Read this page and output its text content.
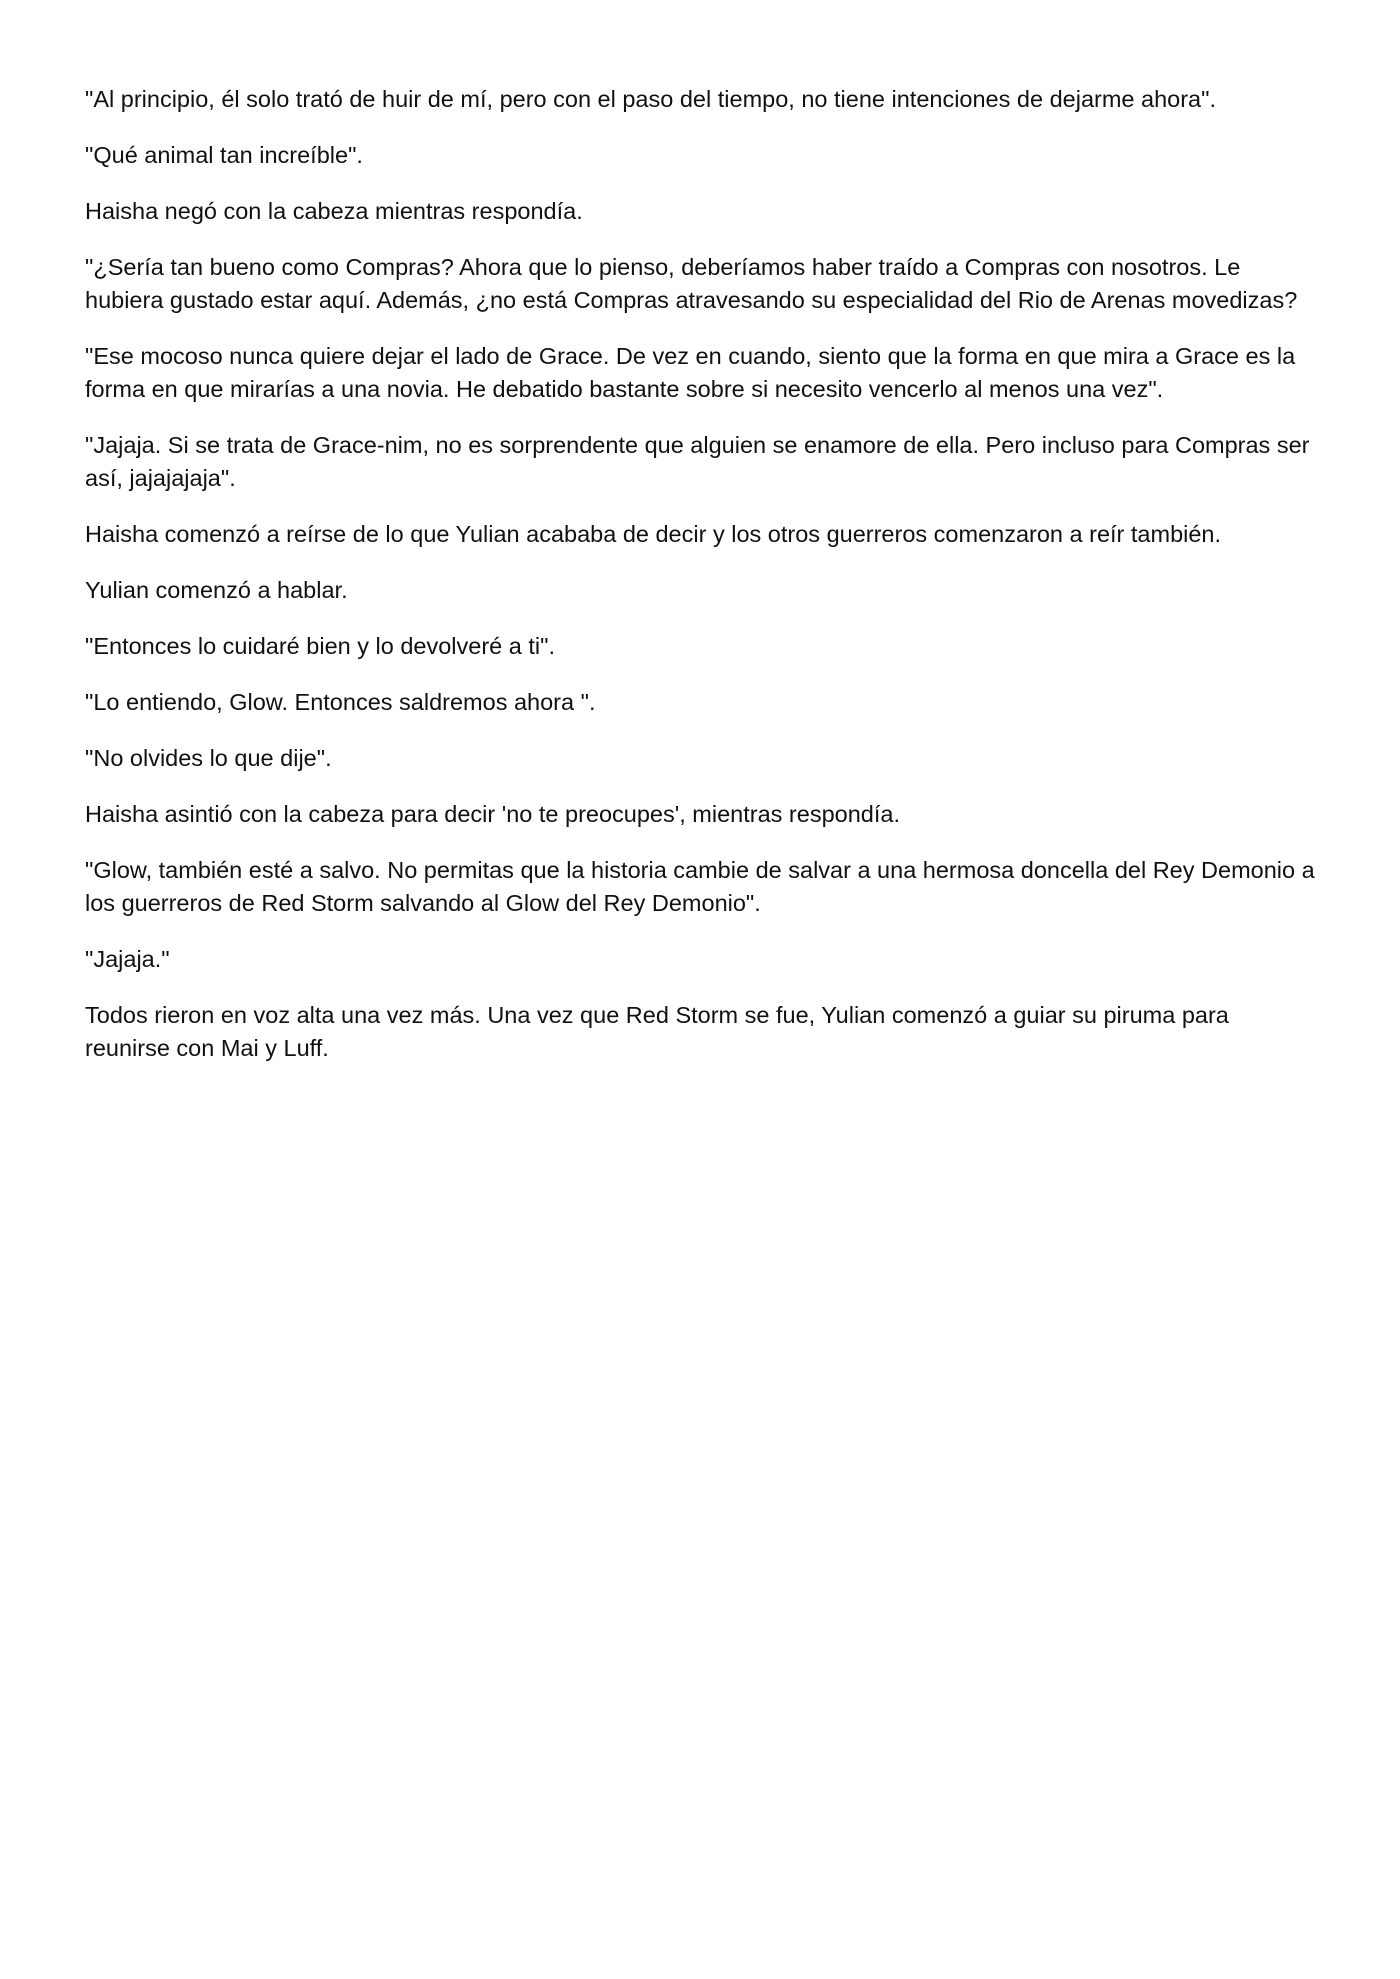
"Al principio, él solo trató de huir de mí, pero con el paso del tiempo, no tiene intenciones de dejarme ahora".

"Qué animal tan increíble".

Haisha negó con la cabeza mientras respondía.

"¿Sería tan bueno como Compras? Ahora que lo pienso, deberíamos haber traído a Compras con nosotros. Le hubiera gustado estar aquí. Además, ¿no está Compras atravesando su especialidad del Rio de Arenas movedizas?

"Ese mocoso nunca quiere dejar el lado de Grace. De vez en cuando, siento que la forma en que mira a Grace es la forma en que mirarías a una novia. He debatido bastante sobre si necesito vencerlo al menos una vez".

"Jajaja. Si se trata de Grace-nim, no es sorprendente que alguien se enamore de ella. Pero incluso para Compras ser así, jajajajaja".

Haisha comenzó a reírse de lo que Yulian acababa de decir y los otros guerreros comenzaron a reír también.

Yulian comenzó a hablar.

"Entonces lo cuidaré bien y lo devolveré a ti".

"Lo entiendo, Glow. Entonces saldremos ahora ".

"No olvides lo que dije".

Haisha asintió con la cabeza para decir 'no te preocupes', mientras respondía.

"Glow, también esté a salvo. No permitas que la historia cambie de salvar a una hermosa doncella del Rey Demonio a los guerreros de Red Storm salvando al Glow del Rey Demonio".

"Jajaja."

Todos rieron en voz alta una vez más. Una vez que Red Storm se fue, Yulian comenzó a guiar su piruma para reunirse con Mai y Luff.
